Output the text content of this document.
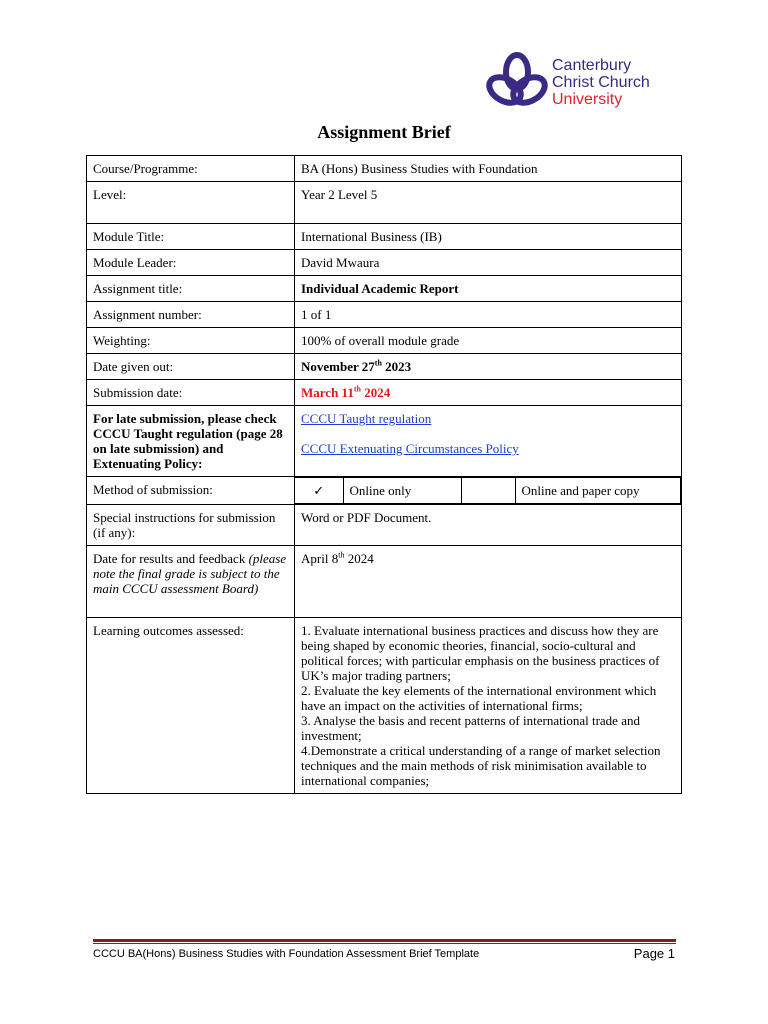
Canterbury
Christ Church
University
Assignment Brief
Course/Programme:	BA (Hons) Business Studies with Foundation
Level:	Year 2 Level 5
Module Title:	International Business (IB)
Module Leader:	David Mwaura
Assignment title:	Individual Academic Report
Assignment number:	1 of 1
Weighting:	100% of overall module grade
Date given out:	November 27th 2023
Submission date:	March 11th 2024
For late submission, please check CCCU Taught regulation (page 28 on late submission) and Extenuating Policy:	CCCU Taught regulation
CCCU Extenuating Circumstances Policy
Method of submission:		✓	Online only		Online and paper copy

Special instructions for submission (if any):	Word or PDF Document.
Date for results and feedback (please note the final grade is subject to the main CCCU assessment Board)	April 8th 2024
Learning outcomes assessed:	1. Evaluate international business practices and discuss how they are being shaped by economic theories, financial, socio-cultural and political forces; with particular emphasis on the business practices of UK’s major trading partners;
2. Evaluate the key elements of the international environment which have an impact on the activities of international firms;
3. Analyse the basis and recent patterns of international trade and investment;
4.Demonstrate a critical understanding of a range of market selection techniques and the main methods of risk minimisation available to international companies;
CCCU BA(Hons) Business Studies with Foundation Assessment Brief Template	Page 1
